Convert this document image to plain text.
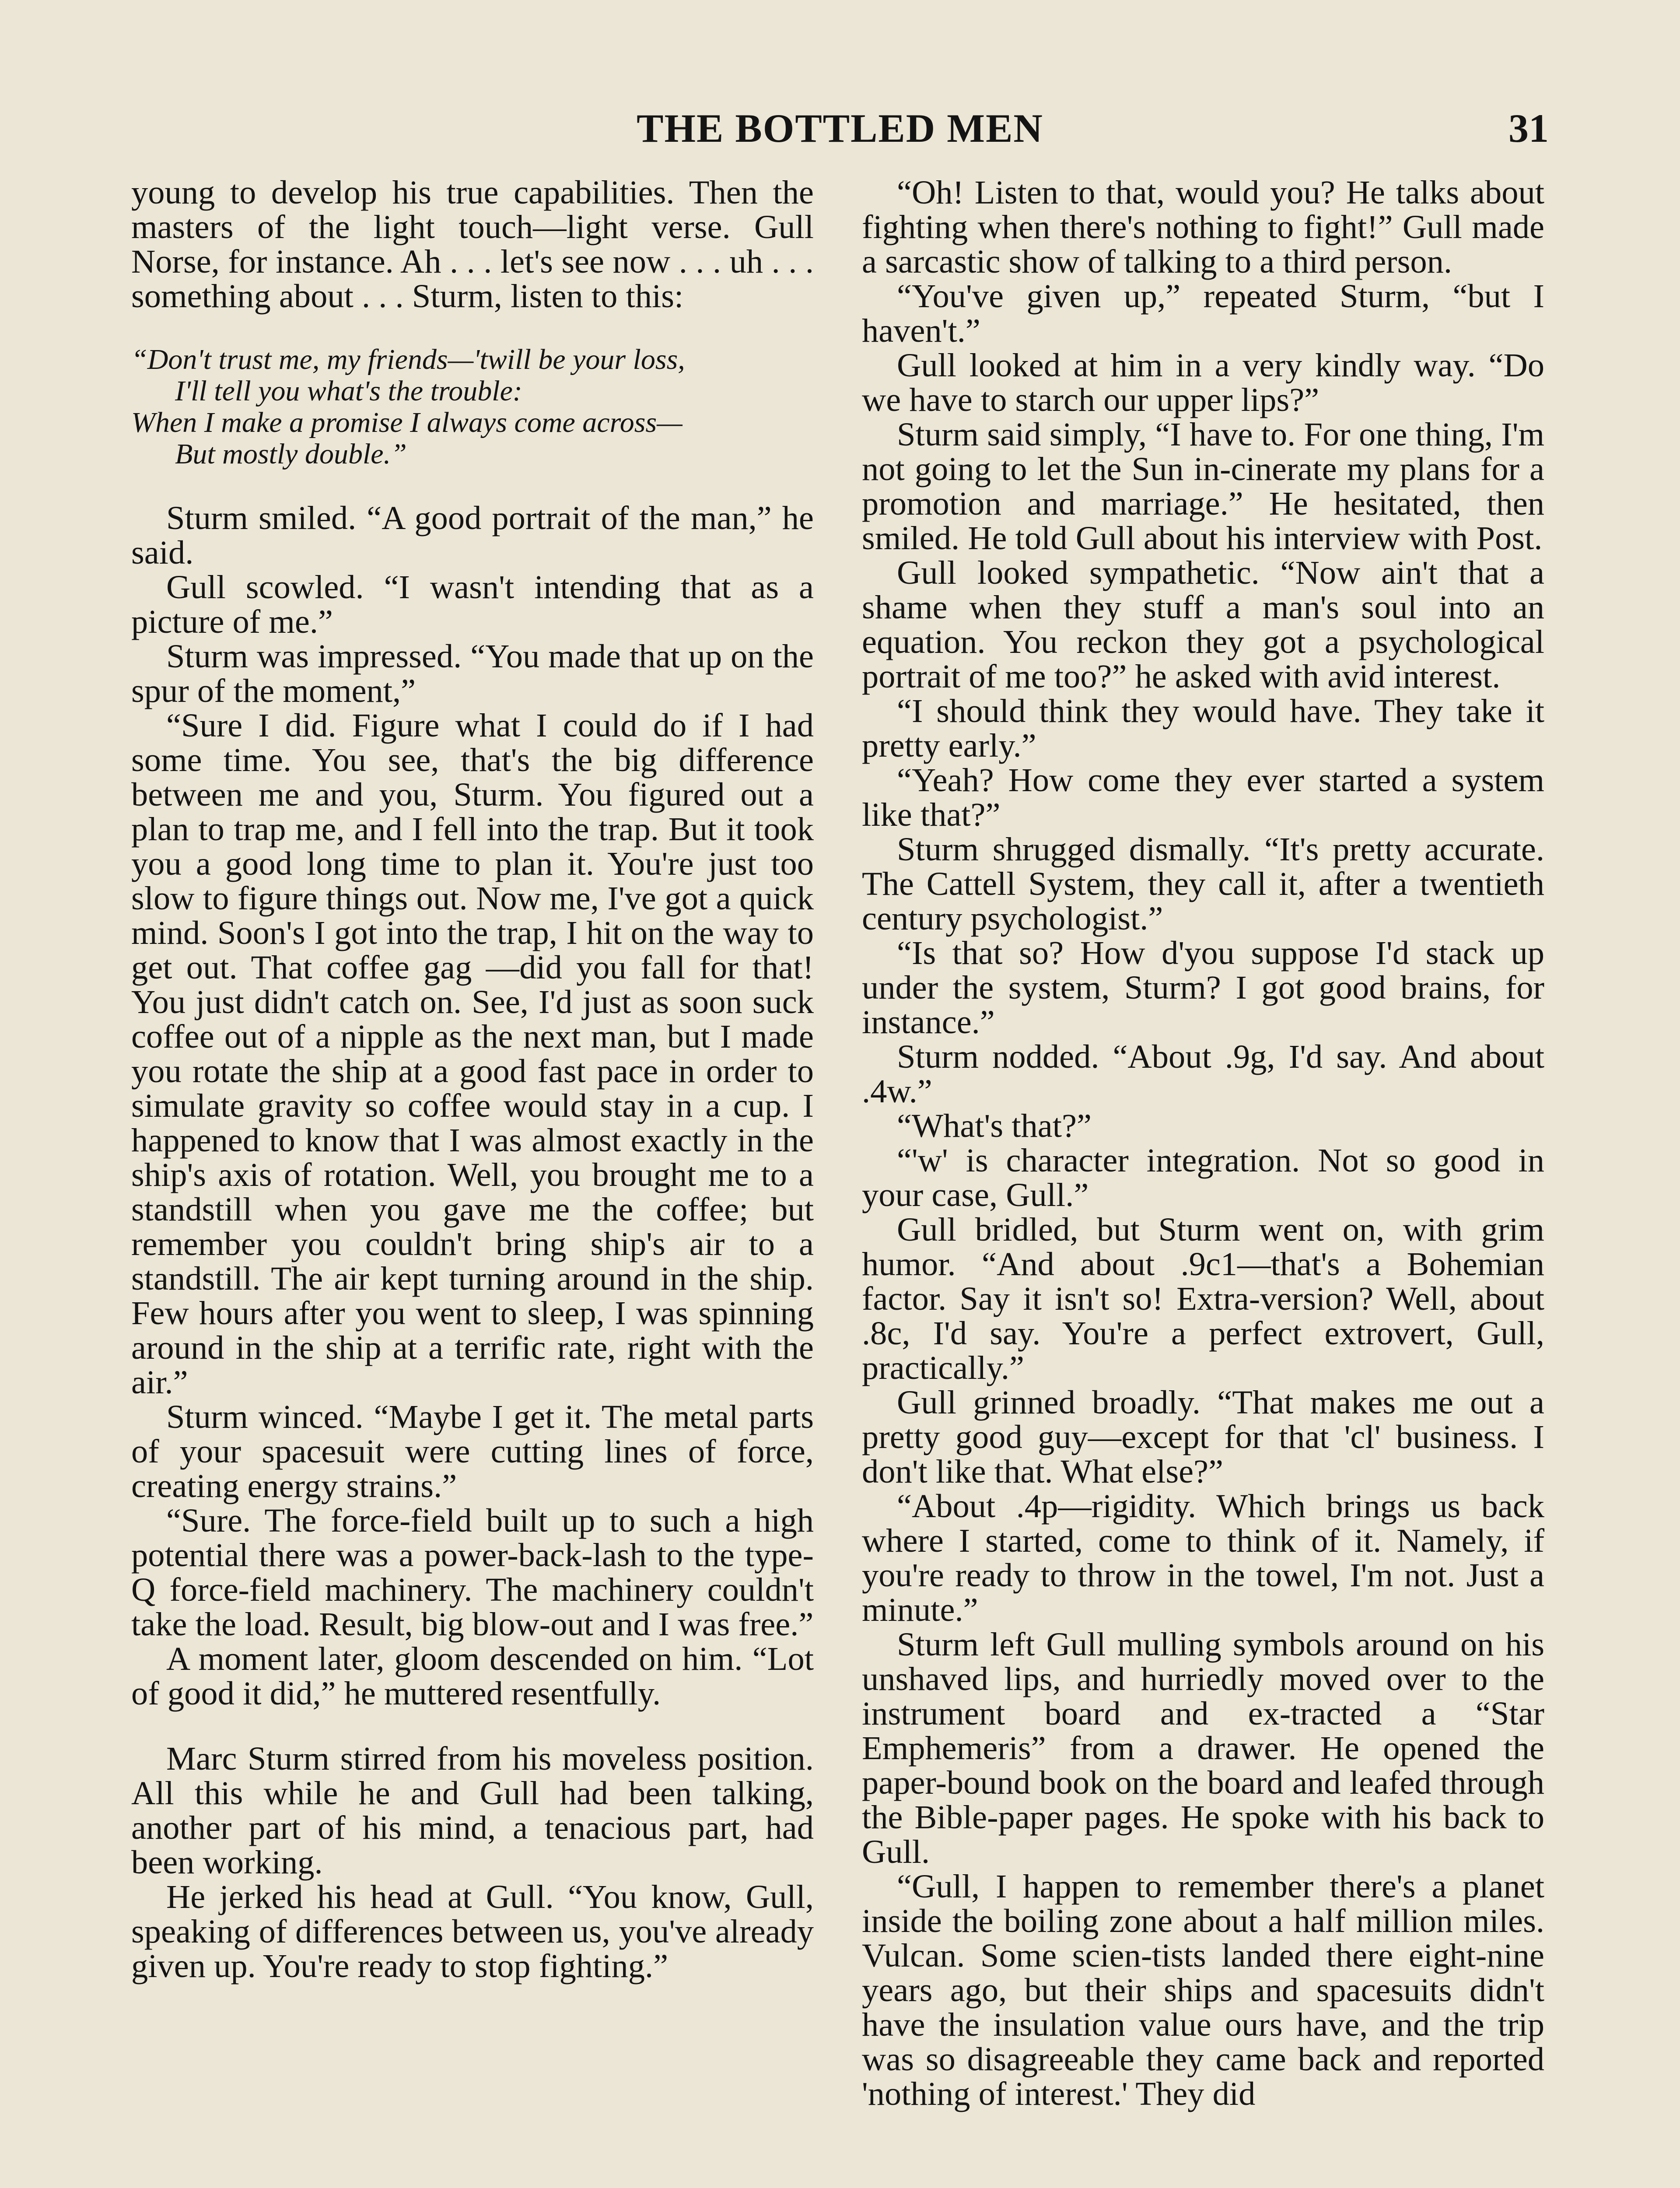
THE BOTTLED MEN	31

young to develop his true capabilities. Then the masters of the light touch—light verse. Gull Norse, for instance. Ah . . . let's see now . . . uh . . . something about . . . Sturm, listen to this:

“Don't trust me, my friends—'twill be your loss,
I'll tell you what's the trouble:
When I make a promise I always come across—
But mostly double.”

Sturm smiled. “A good portrait of the man,” he said.

Gull scowled. “I wasn't intending that as a picture of me.”

Sturm was impressed. “You made that up on the spur of the moment,”

“Sure I did. Figure what I could do if I had some time. You see, that's the big difference between me and you, Sturm. You figured out a plan to trap me, and I fell into the trap. But it took you a good long time to plan it. You're just too slow to figure things out. Now me, I've got a quick mind. Soon's I got into the trap, I hit on the way to get out. That coffee gag —did you fall for that! You just didn't catch on. See, I'd just as soon suck coffee out of a nipple as the next man, but I made you rotate the ship at a good fast pace in order to simulate gravity so coffee would stay in a cup. I happened to know that I was almost exactly in the ship's axis of rotation. Well, you brought me to a standstill when you gave me the coffee; but remember you couldn't bring ship's air to a standstill. The air kept turning around in the ship. Few hours after you went to sleep, I was spinning around in the ship at a terrific rate, right with the air.”

Sturm winced. “Maybe I get it. The metal parts of your spacesuit were cutting lines of force, creating energy strains.”

“Sure. The force-field built up to such a high potential there was a power-back-lash to the type-Q force-field machinery. The machinery couldn't take the load. Result, big blow-out and I was free.”

A moment later, gloom descended on him. “Lot of good it did,” he muttered resentfully.

Marc Sturm stirred from his moveless position. All this while he and Gull had been talking, another part of his mind, a tenacious part, had been working.

He jerked his head at Gull. “You know, Gull, speaking of differences between us, you've already given up. You're ready to stop fighting.”

“Oh! Listen to that, would you? He talks about fighting when there's nothing to fight!” Gull made a sarcastic show of talking to a third person.

“You've given up,” repeated Sturm, “but I haven't.”

Gull looked at him in a very kindly way. “Do we have to starch our upper lips?”

Sturm said simply, “I have to. For one thing, I'm not going to let the Sun in-cinerate my plans for a promotion and marriage.” He hesitated, then smiled. He told Gull about his interview with Post.

Gull looked sympathetic. “Now ain't that a shame when they stuff a man's soul into an equation. You reckon they got a psychological portrait of me too?” he asked with avid interest.

“I should think they would have. They take it pretty early.”

“Yeah? How come they ever started a system like that?”

Sturm shrugged dismally. “It's pretty accurate. The Cattell System, they call it, after a twentieth century psychologist.”

“Is that so? How d'you suppose I'd stack up under the system, Sturm? I got good brains, for instance.”

Sturm nodded. “About .9g, I'd say. And about .4w.”

“What's that?”

“'w' is character integration. Not so good in your case, Gull.”

Gull bridled, but Sturm went on, with grim humor. “And about .9c1—that's a Bohemian factor. Say it isn't so! Extra-version? Well, about .8c, I'd say. You're a perfect extrovert, Gull, practically.”

Gull grinned broadly. “That makes me out a pretty good guy—except for that 'cl' business. I don't like that. What else?”

“About .4p—rigidity. Which brings us back where I started, come to think of it. Namely, if you're ready to throw in the towel, I'm not. Just a minute.”

Sturm left Gull mulling symbols around on his unshaved lips, and hurriedly moved over to the instrument board and ex-tracted a “Star Emphemeris” from a drawer. He opened the paper-bound book on the board and leafed through the Bible-paper pages. He spoke with his back to Gull.

“Gull, I happen to remember there's a planet inside the boiling zone about a half million miles. Vulcan. Some scien-tists landed there eight-nine years ago, but their ships and spacesuits didn't have the insulation value ours have, and the trip was so disagreeable they came back and reported 'nothing of interest.' They did
